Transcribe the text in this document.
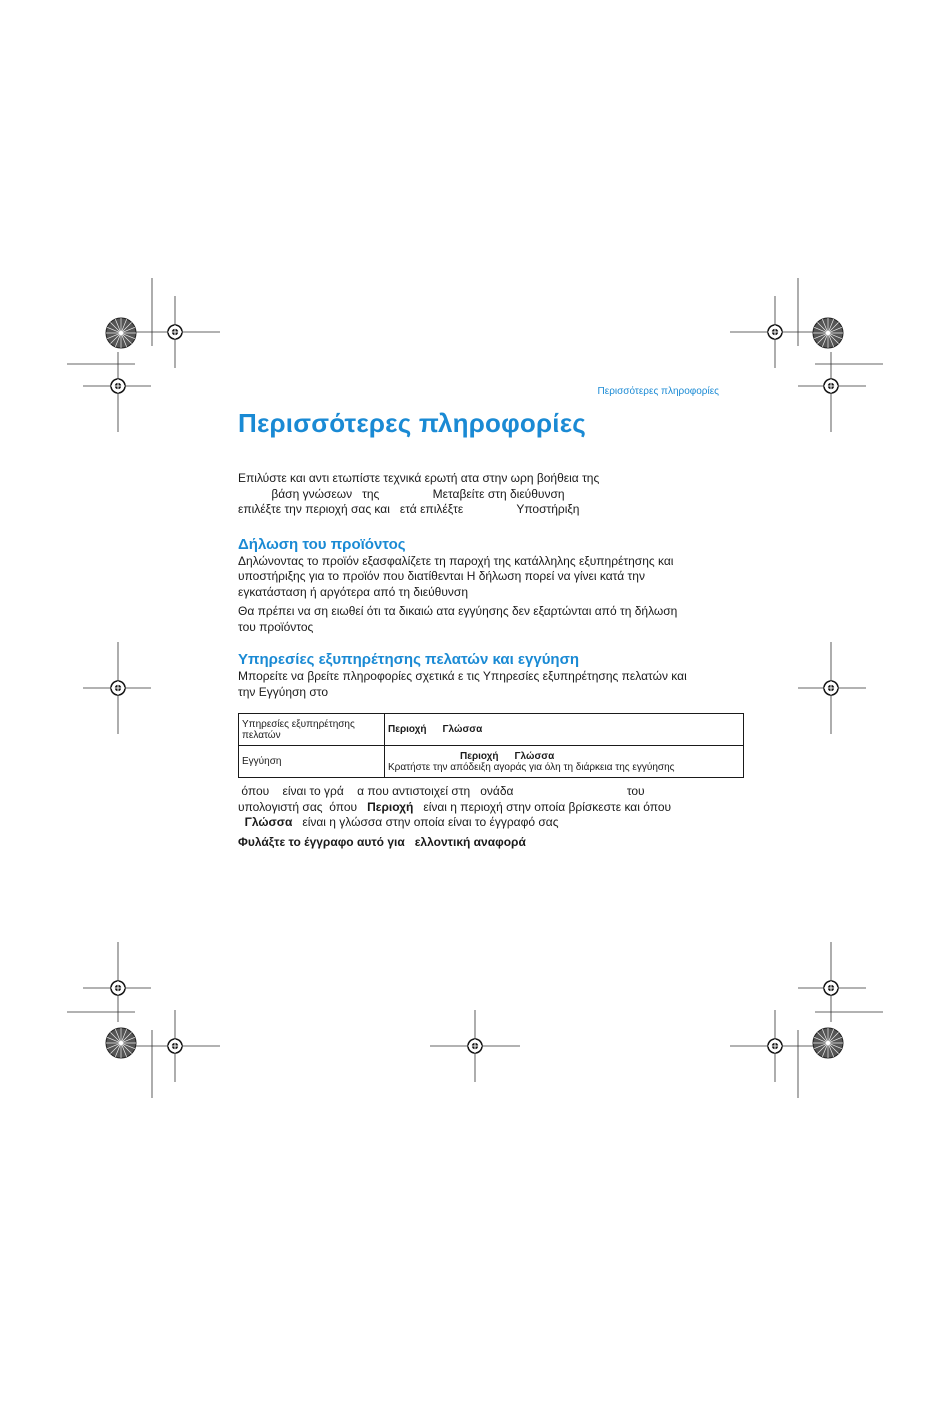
Περισσότερες πληροφορίες
Περισσότερες πληροφορίες

Επιλύστε και αντι ετωπίστε τεχνικά ερωτή ατα στην ωρη βοήθεια της
βάση γνώσεων   της                Μεταβείτε στη διεύθυνση
επιλέξτε την περιοχή σας και   ετά επιλέξτε                Υποστήριξη

Δήλωση του προϊόντος

Δηλώνοντας το προϊόν εξασφαλίζετε τη παροχή της κατάλληλης εξυπηρέτησης και
υποστήριξης για το προϊόν που διατίθενται Η δήλωση πορεί να γίνει κατά την
εγκατάσταση ή αργότερα από τη διεύθυνση

Θα πρέπει να ση ειωθεί ότι τα δικαιώ ατα εγγύησης δεν εξαρτώνται από τη δήλωση
του προϊόντος

Υπηρεσίες εξυπηρέτησης πελατών και εγγύηση

Μπορείτε να βρείτε πληροφορίες σχετικά ε τις Υπηρεσίες εξυπηρέτησης πελατών και
την Εγγύηση στο

Υπηρεσίες εξυπηρέτησης πελατών	Περιοχή Γλώσσα
Εγγύηση	Περιοχή Γλώσσα
Κρατήστε την απόδειξη αγοράς για όλη τη διάρκεια της εγγύησης

όπου    είναι το γρά    α που αντιστοιχεί στη   ονάδα                                  του
υπολογιστή σας  όπου   Περιοχή   είναι η περιοχή στην οποία βρίσκεστε και όπου
Γλώσσα   είναι η γλώσσα στην οποία είναι το έγγραφό σας

Φυλάξτε το έγγραφο αυτό για   ελλοντική αναφορά
